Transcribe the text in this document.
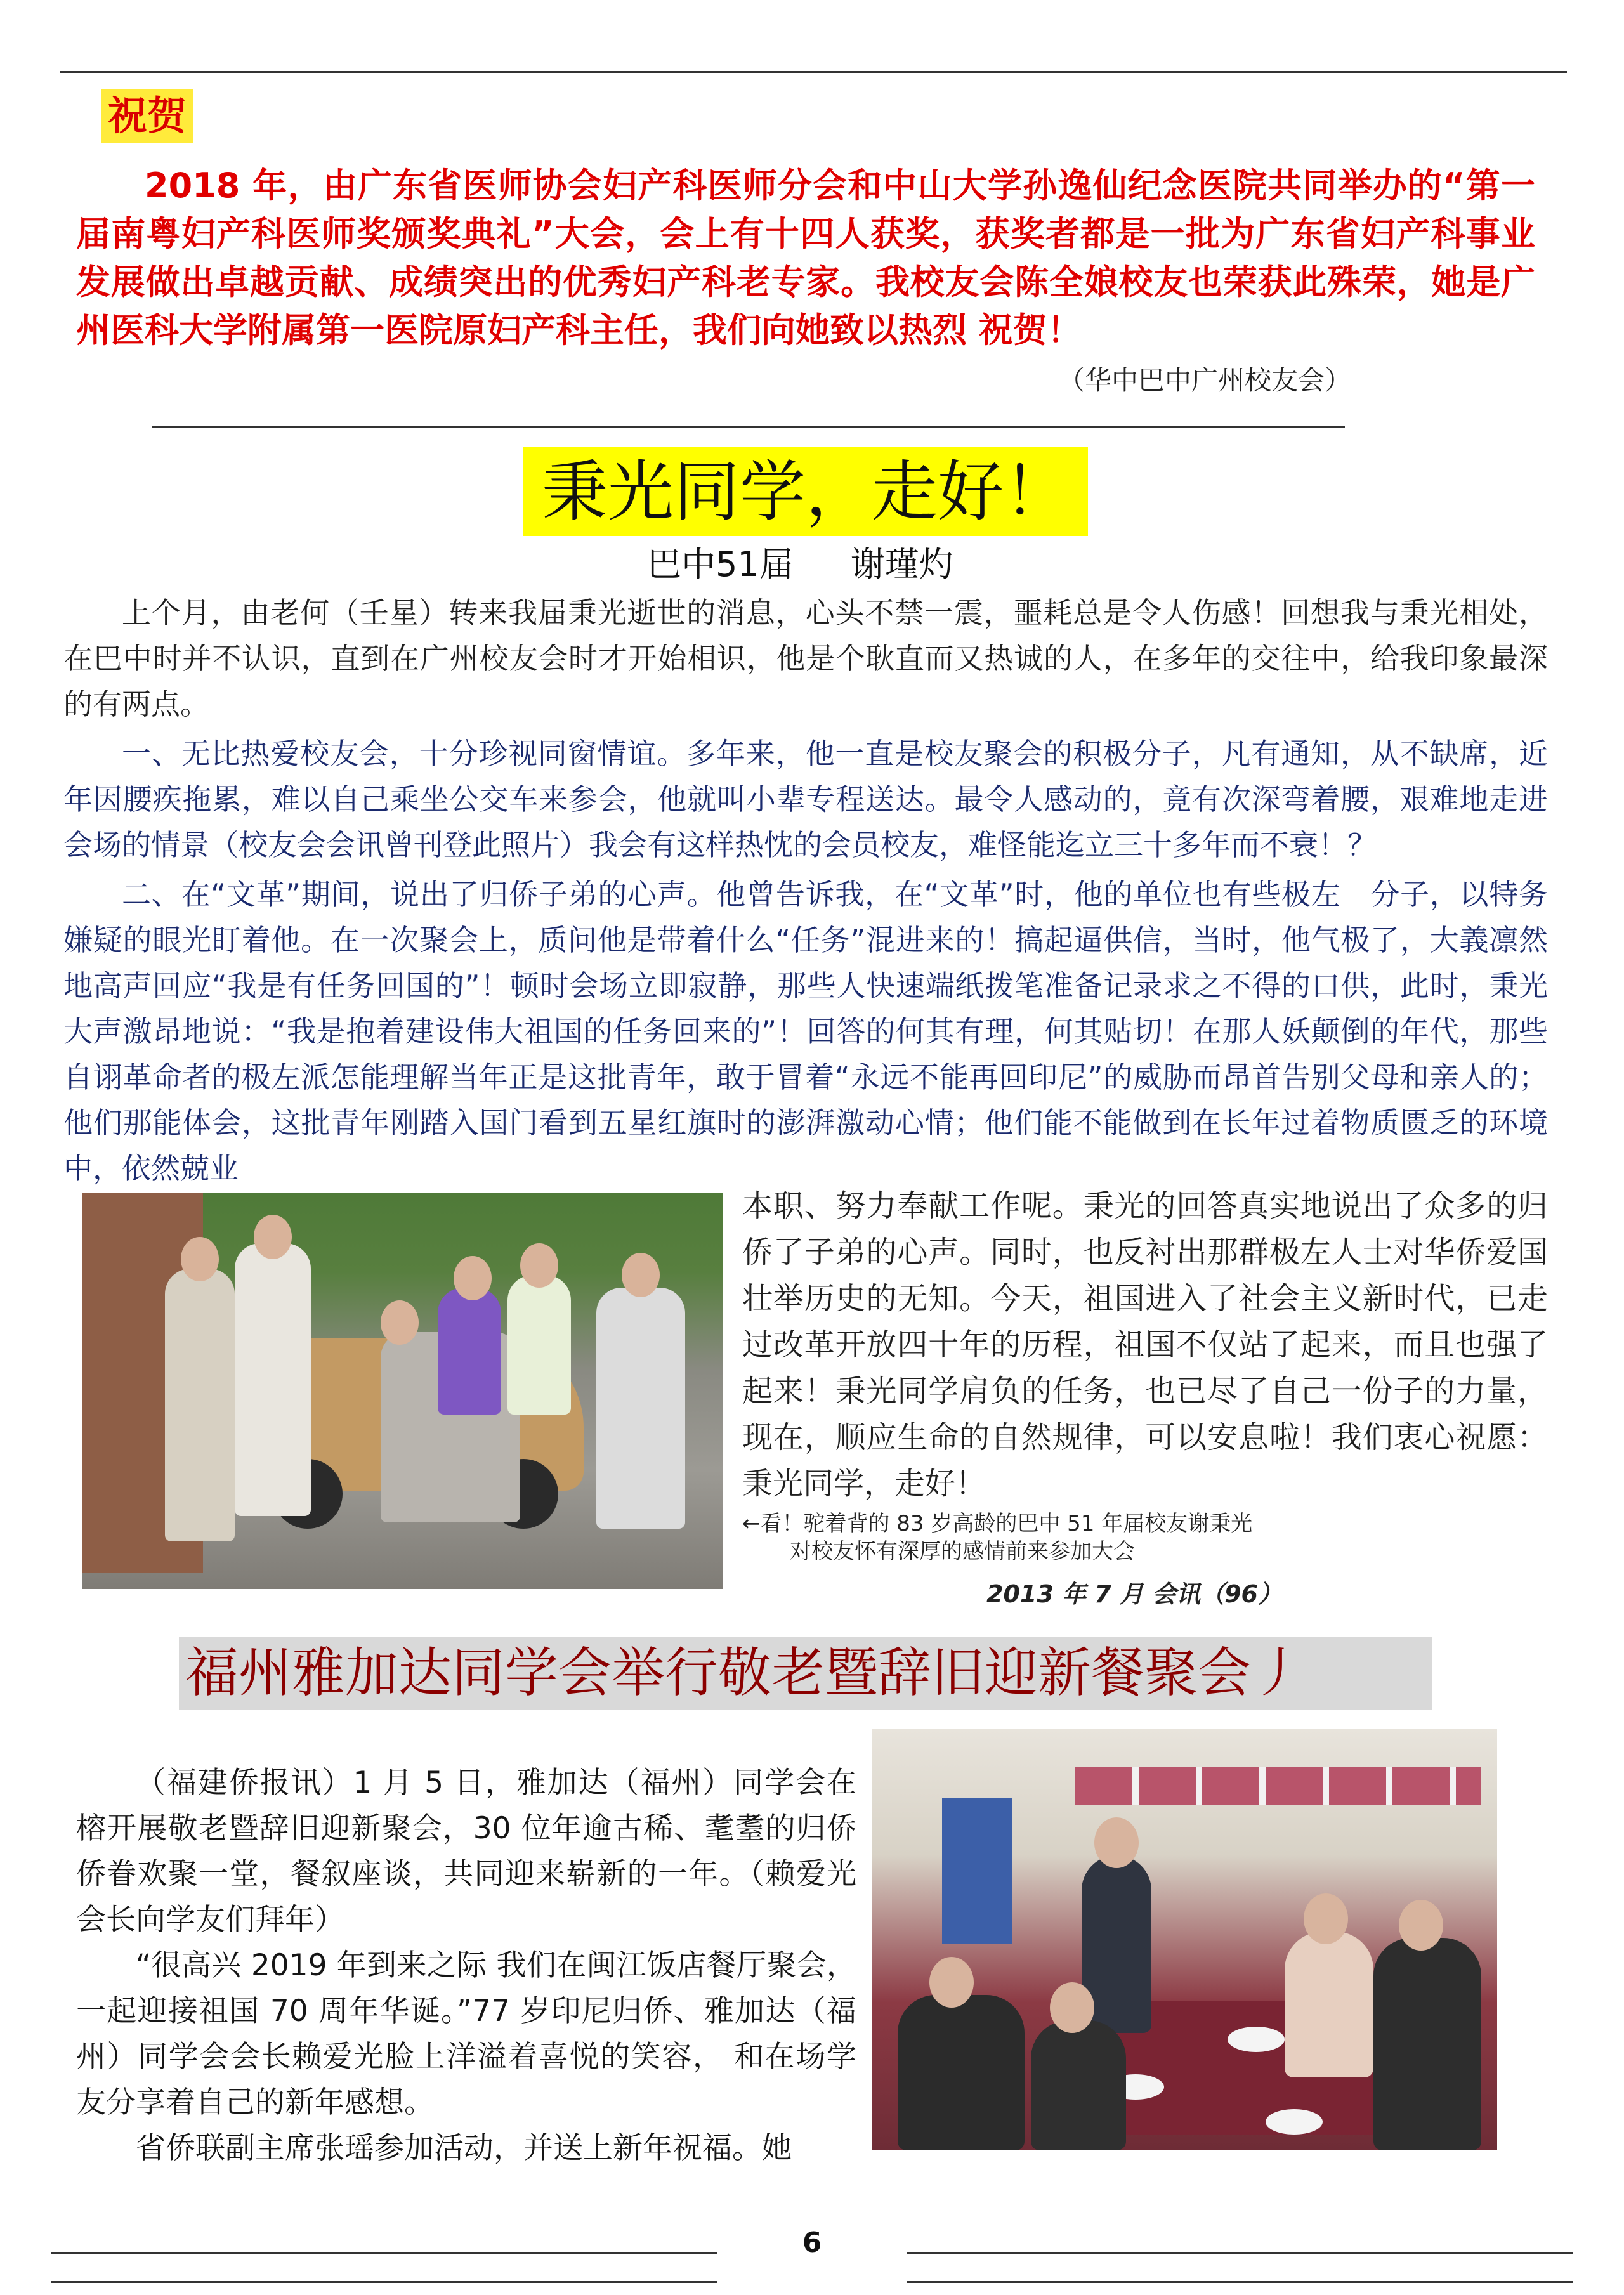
祝贺
2018 年，由广东省医师协会妇产科医师分会和中山大学孙逸仙纪念医院共同举办的“第一届南粤妇产科医师奖颁奖典礼”大会，会上有十四人获奖，获奖者都是一批为广东省妇产科事业发展做出卓越贡献、成绩突出的优秀妇产科老专家。我校友会陈全娘校友也荣获此殊荣，她是广州医科大学附属第一医院原妇产科主任，我们向她致以热烈 祝贺！
（华中巴中广州校友会）
秉光同学，走好！
巴中51届 谢瑾灼

上个月，由老何（壬星）转来我届秉光逝世的消息，心头不禁一震，噩耗总是令人伤感！回想我与秉光相处，在巴中时并不认识，直到在广州校友会时才开始相识，他是个耿直而又热诚的人，在多年的交往中，给我印象最深的有两点。

一、无比热爱校友会，十分珍视同窗情谊。多年来，他一直是校友聚会的积极分子，凡有通知，从不缺席，近年因腰疾拖累，难以自己乘坐公交车来参会，他就叫小辈专程送达。最令人感动的，竟有次深弯着腰，艰难地走进会场的情景（校友会会讯曾刊登此照片）我会有这样热忱的会员校友，难怪能迄立三十多年而不衰！？

二、在“文革”期间，说出了归侨子弟的心声。他曾告诉我，在“文革”时，他的单位也有些极左　分子，以特务嫌疑的眼光盯着他。在一次聚会上，质问他是带着什么“任务”混进来的！搞起逼供信，当时，他气极了，大義凛然地高声回应“我是有任务回国的”！顿时会场立即寂静，那些人快速端纸拨笔准备记录求之不得的口供，此时，秉光大声激昂地说：“我是抱着建设伟大祖国的任务回来的”！回答的何其有理，何其贴切！在那人妖颠倒的年代，那些自诩革命者的极左派怎能理解当年正是这批青年，敢于冒着“永远不能再回印尼”的威胁而昂首告别父母和亲人的；他们那能体会，这批青年刚踏入国门看到五星红旗时的澎湃激动心情；他们能不能做到在长年过着物质匮乏的环境中，依然兢业

本职、努力奉献工作呢。秉光的回答真实地说出了众多的归侨了子弟的心声。同时，也反衬出那群极左人士对华侨爱国壮举历史的无知。今天，祖国进入了社会主义新时代，已走过改革开放四十年的历程，祖国不仅站了起来，而且也强了起来！秉光同学肩负的任务，也已尽了自己一份子的力量，现在，顺应生命的自然规律，可以安息啦！我们衷心祝愿：秉光同学，走好！
←看！驼着背的 83 岁高龄的巴中 51 年届校友谢秉光
对校友怀有深厚的感情前来参加大会
2013 年 7 月 会讯（96）
福州雅加达同学会举行敬老暨辞旧迎新餐聚会丿

（福建侨报讯）1 月 5 日，雅加达（福州）同学会在榕开展敬老暨辞旧迎新聚会，30 位年逾古稀、耄耋的归侨侨眷欢聚一堂，餐叙座谈，共同迎来崭新的一年。（赖爱光会长向学友们拜年）

“很高兴 2019 年到来之际 我们在闽江饭店餐厅聚会，一起迎接祖国 70 周年华诞。”77 岁印尼归侨、雅加达（福州）同学会会长赖爱光脸上洋溢着喜悦的笑容， 和在场学友分享着自己的新年感想。

省侨联副主席张瑶参加活动，并送上新年祝福。她

6
